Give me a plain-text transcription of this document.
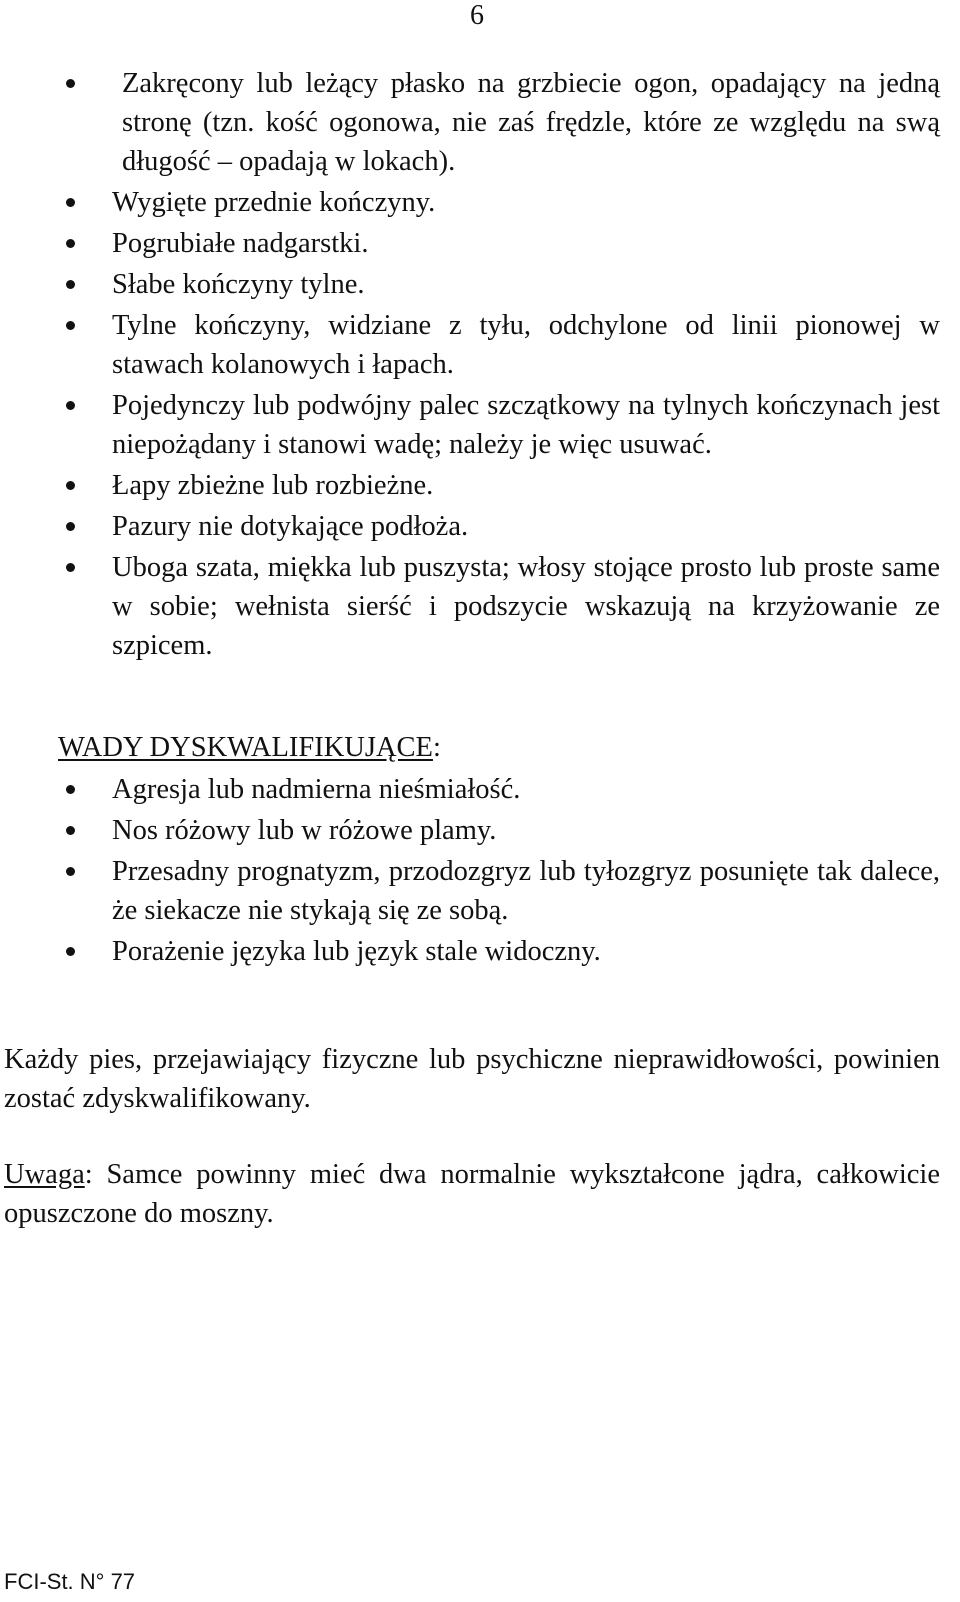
6
Zakręcony lub leżący płasko na grzbiecie ogon, opadający na jedną stronę (tzn. kość ogonowa, nie zaś frędzle, które ze względu na swą długość – opadają w lokach).
Wygięte przednie kończyny.
Pogrubiałe nadgarstki.
Słabe kończyny tylne.
Tylne kończyny, widziane z tyłu, odchylone od linii pionowej w stawach kolanowych i łapach.
Pojedynczy lub podwójny palec szczątkowy na tylnych kończynach jest niepożądany i stanowi wadę; należy je więc usuwać.
Łapy zbieżne lub rozbieżne.
Pazury nie dotykające podłoża.
Uboga szata, miękka lub puszysta; włosy stojące prosto lub proste same w sobie; wełnista sierść i podszycie wskazują na krzyżowanie ze szpicem.
WADY DYSKWALIFIKUJĄCE:
Agresja lub nadmierna nieśmiałość.
Nos różowy lub w różowe plamy.
Przesadny prognatyzm, przodozgryz lub tyłozgryz posunięte tak dalece, że siekacze nie stykają się ze sobą.
Porażenie języka lub język stale widoczny.

Każdy pies, przejawiający fizyczne lub psychiczne nieprawidłowości, powinien zostać zdyskwalifikowany.

Uwaga: Samce powinny mieć dwa normalnie wykształcone jądra, całkowicie opuszczone do moszny.

FCI-St. N° 77
